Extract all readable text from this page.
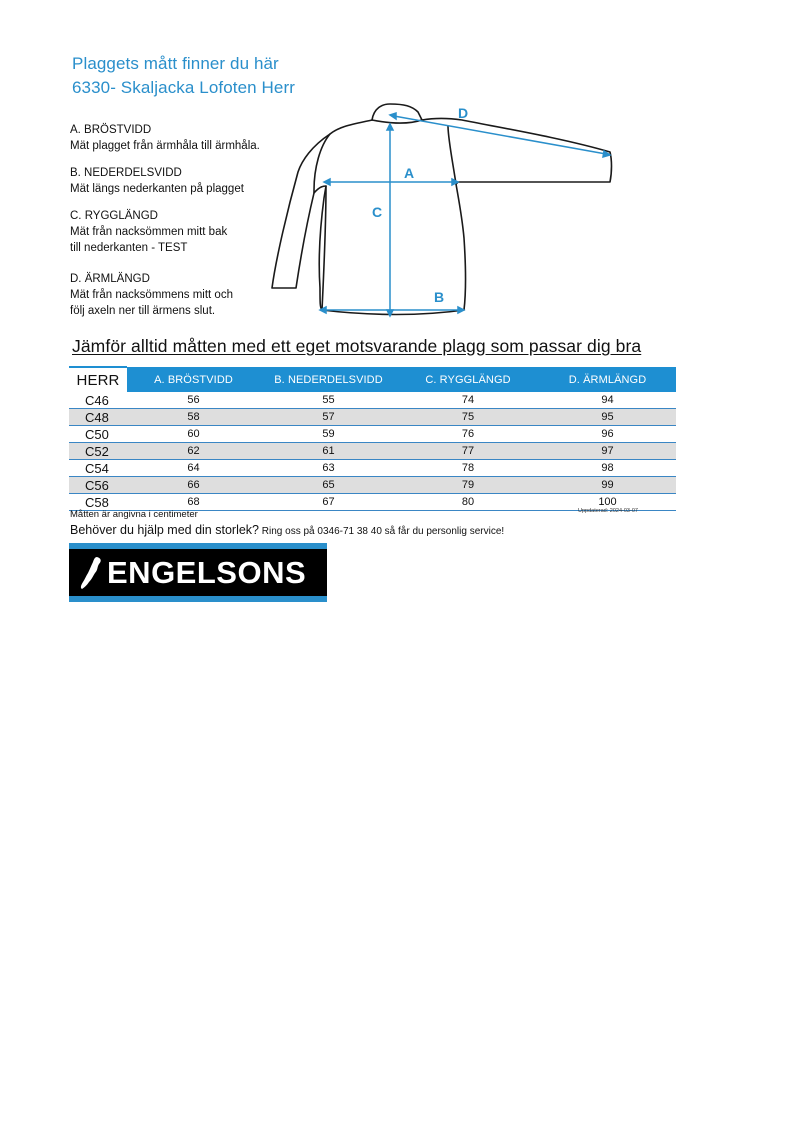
Plaggets mått finner du här
6330- Skaljacka Lofoten Herr
A. BRÖSTVIDD
Mät plagget från ärmhåla till ärmhåla.
B. NEDERDELSVIDD
Mät längs nederkanten på plagget
C. RYGGLÄNGD
Mät från nacksömmen mitt bak
till nederkanten - TEST
D. ÄRMLÄNGD
Mät från nacksömmens mitt och
följ axeln ner till ärmens slut.
A
C
B
D
Jämför alltid måtten med ett eget motsvarande plagg som passar dig bra
HERR	A. BRÖSTVIDD	B. NEDERDELSVIDD	C. RYGGLÄNGD	D. ÄRMLÄNGD
C46	56	55	74	94
C48	58	57	75	95
C50	60	59	76	96
C52	62	61	77	97
C54	64	63	78	98
C56	66	65	79	99
C58	68	67	80	100
Måtten är angivna i centimeter	Uppdaterad: 2024-03-07
Behöver du hjälp med din storlek? Ring oss på 0346-71 38 40 så får du personlig service!
ENGELSONS
